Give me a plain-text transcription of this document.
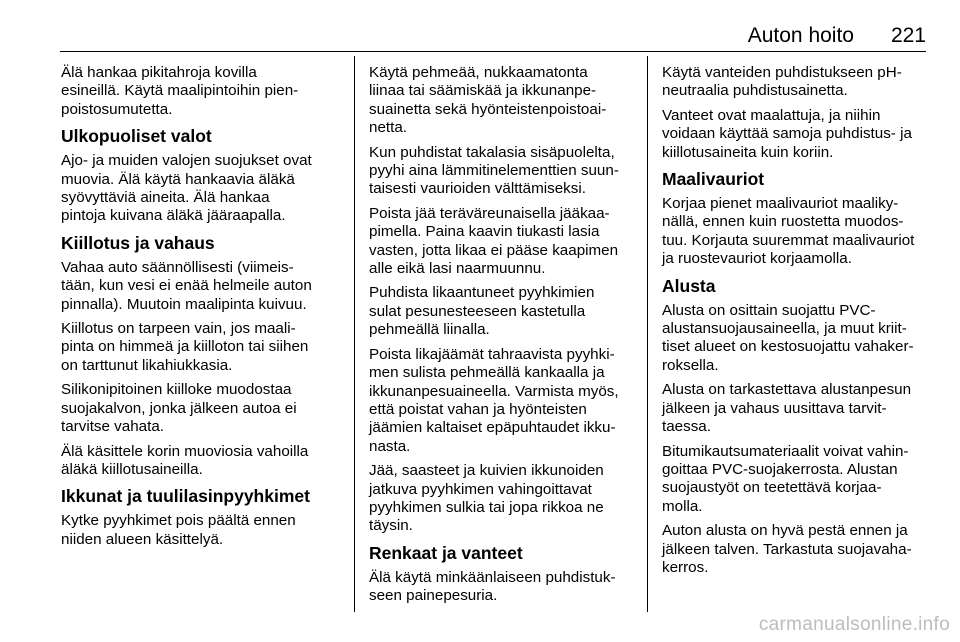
Auton hoito 221
Älä hankaa pikitahroja kovilla
esineillä. Käytä maalipintoihin pien-
poistosumutetta.
Ulkopuoliset valot
Ajo- ja muiden valojen suojukset ovat
muovia. Älä käytä hankaavia äläkä
syövyttäviä aineita. Älä hankaa
pintoja kuivana äläkä jääraapalla.
Kiillotus ja vahaus
Vahaa auto säännöllisesti (viimeis-
tään, kun vesi ei enää helmeile auton
pinnalla). Muutoin maalipinta kuivuu.
Kiillotus on tarpeen vain, jos maali-
pinta on himmeä ja kiilloton tai siihen
on tarttunut likahiukkasia.
Silikonipitoinen kiilloke muodostaa
suojakalvon, jonka jälkeen autoa ei
tarvitse vahata.
Älä käsittele korin muoviosia vahoilla
äläkä kiillotusaineilla.
Ikkunat ja tuulilasinpyyhkimet
Kytke pyyhkimet pois päältä ennen
niiden alueen käsittelyä.
Käytä pehmeää, nukkaamatonta
liinaa tai säämiskää ja ikkunanpe-
suainetta sekä hyönteistenpoistoai-
netta.
Kun puhdistat takalasia sisäpuolelta,
pyyhi aina lämmitinelementtien suun-
taisesti vaurioiden välttämiseksi.
Poista jää teräväreunaisella jääkaa-
pimella. Paina kaavin tiukasti lasia
vasten, jotta likaa ei pääse kaapimen
alle eikä lasi naarmuunnu.
Puhdista likaantuneet pyyhkimien
sulat pesunesteeseen kastetulla
pehmeällä liinalla.
Poista likajäämät tahraavista pyyhki-
men sulista pehmeällä kankaalla ja
ikkunanpesuaineella. Varmista myös,
että poistat vahan ja hyönteisten
jäämien kaltaiset epäpuhtaudet ikku-
nasta.
Jää, saasteet ja kuivien ikkunoiden
jatkuva pyyhkimen vahingoittavat
pyyhkimen sulkia tai jopa rikkoa ne
täysin.
Renkaat ja vanteet
Älä käytä minkäänlaiseen puhdistuk-
seen painepesuria.
Käytä vanteiden puhdistukseen pH-
neutraalia puhdistusainetta.
Vanteet ovat maalattuja, ja niihin
voidaan käyttää samoja puhdistus- ja
kiillotusaineita kuin koriin.
Maalivauriot
Korjaa pienet maalivauriot maaliky-
nällä, ennen kuin ruostetta muodos-
tuu. Korjauta suuremmat maalivauriot
ja ruostevauriot korjaamolla.
Alusta
Alusta on osittain suojattu PVC-
alustansuojausaineella, ja muut kriit-
tiset alueet on kestosuojattu vahaker-
roksella.
Alusta on tarkastettava alustanpesun
jälkeen ja vahaus uusittava tarvit-
taessa.
Bitumikautsumateriaalit voivat vahin-
goittaa PVC-suojakerrosta. Alustan
suojaustyöt on teetettävä korjaa-
molla.
Auton alusta on hyvä pestä ennen ja
jälkeen talven. Tarkastuta suojavaha-
kerros.
carmanualsonline.info
